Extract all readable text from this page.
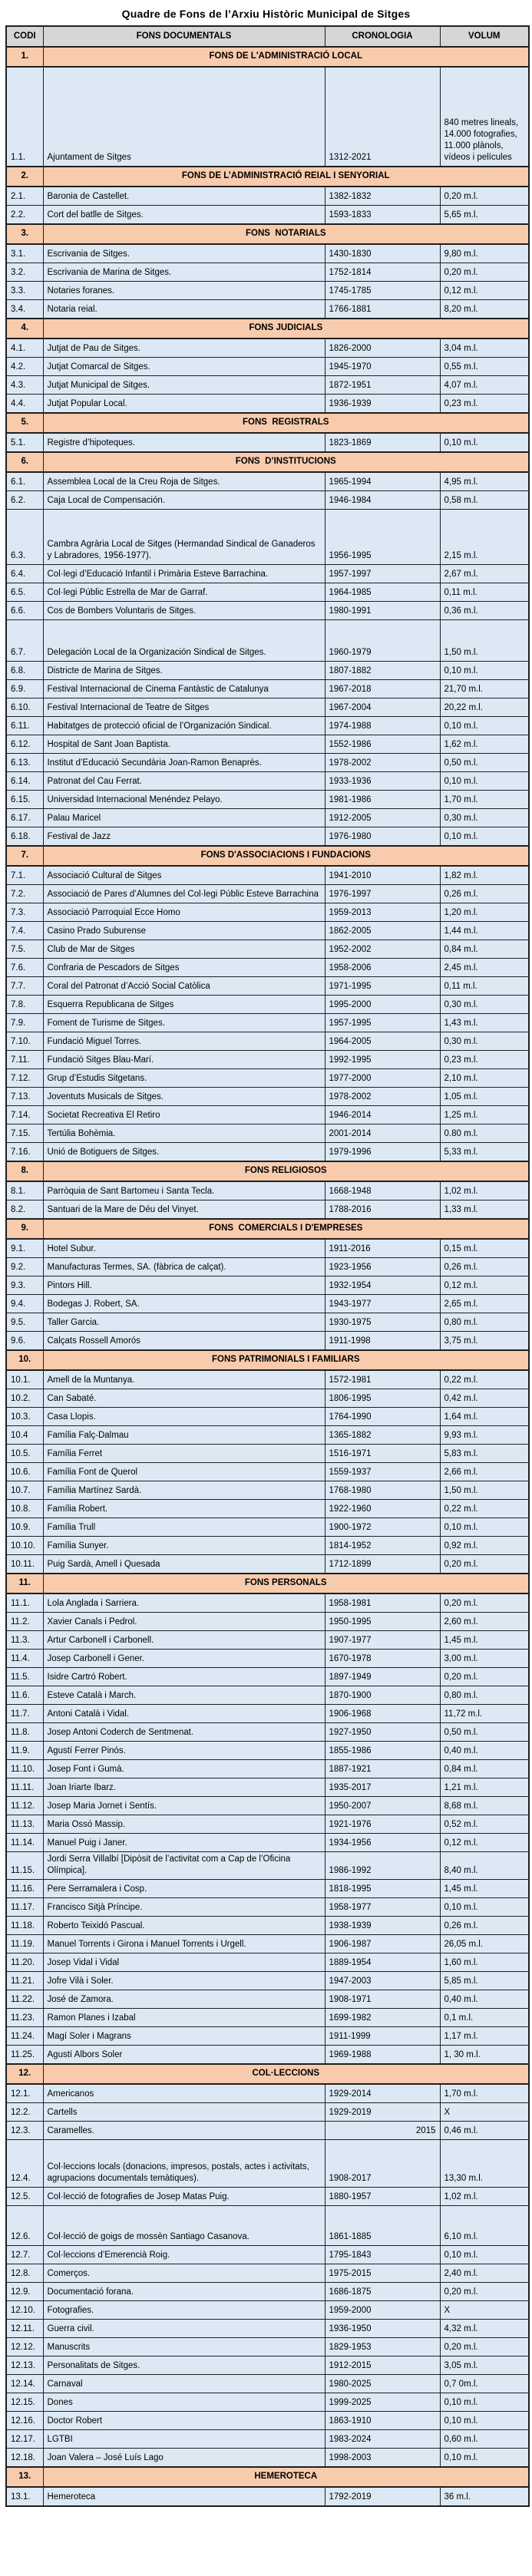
Quadre de Fons de l’Arxiu Històric Municipal de Sitges
CODI	FONS DOCUMENTALS	CRONOLOGIA	VOLUM
1.	FONS DE L'ADMINISTRACIÓ LOCAL		
1.1.	Ajuntament de Sitges	1312-2021	840 metres lineals, 14.000 fotografies, 11.000 plànols, vídeos i películes
2.	FONS DE L’ADMINISTRACIÓ REIAL I SENYORIAL		
2.1.	Baronia de Castellet.	1382-1832	0,20 m.l.
2.2.	Cort del batlle de Sitges.	1593-1833	5,65 m.l.
3.	FONS  NOTARIALS		
3.1.	Escrivania de Sitges.	1430-1830	9,80 m.l.
3.2.	Escrivania de Marina de Sitges.	1752-1814	0,20 m.l.
3.3.	Notaries foranes.	1745-1785	0,12 m.l.
3.4.	Notaria reial.	1766-1881	8,20 m.l.
4.	FONS JUDICIALS		
4.1.	Jutjat de Pau de Sitges.	1826-2000	3,04 m.l.
4.2.	Jutjat Comarcal de Sitges.	1945-1970	0,55 m.l.
4.3.	Jutjat Municipal de Sitges.	1872-1951	4,07 m.l.
4.4.	Jutjat Popular Local.	1936-1939	0,23 m.l.
5.	FONS  REGISTRALS		
5.1.	Registre d’hipoteques.	1823-1869	0,10 m.l.
6.	FONS  D’INSTITUCIONS		
6.1.	Assemblea Local de la Creu Roja de Sitges.	1965-1994	4,95 m.l.
6.2.	Caja Local de Compensación.	1946-1984	0,58 m.l.
6.3.	Cambra Agrària Local de Sitges (Hermandad Sindical de Ganaderos y Labradores, 1956-1977).	1956-1995	2,15 m.l.
6.4.	Col·legi d’Educació Infantil i Primària Esteve Barrachina.	1957-1997	2,67 m.l.
6.5.	Col·legi Públic Estrella de Mar de Garraf.	1964-1985	0,11 m.l.
6.6.	Cos de Bombers Voluntaris de Sitges.	1980-1991	0,36 m.l.
6.7.	Delegación Local de la Organización Sindical de Sitges.	1960-1979	1,50 m.l.
6.8.	Districte de Marina de Sitges.	1807-1882	0,10 m.l.
6.9.	Festival Internacional de Cinema Fantàstic de Catalunya	1967-2018	21,70 m.l.
6.10.	Festival Internacional de Teatre de Sitges	1967-2004	20,22 m.l.
6.11.	Habitatges de protecció oficial de l’Organización Sindical.	1974-1988	0,10 m.l.
6.12.	Hospital de Sant Joan Baptista.	1552-1986	1,62 m.l.
6.13.	Institut d’Educació Secundària Joan-Ramon Benaprès.	1978-2002	0,50 m.l.
6.14.	Patronat del Cau Ferrat.	1933-1936	0,10 m.l.
6.15.	Universidad Internacional Menéndez Pelayo.	1981-1986	1,70 m.l.
6.17.	Palau Maricel	1912-2005	0,30 m.l.
6.18.	Festival de Jazz	1976-1980	0,10 m.l.
7.	FONS D'ASSOCIACIONS I FUNDACIONS		
7.1.	Associació Cultural de Sitges	1941-2010	1,82 m.l.
7.2.	Associació de Pares d’Alumnes del Col·legi Públic Esteve Barrachina	1976-1997	0,26 m.l.
7.3.	Associació Parroquial Ecce Homo	1959-2013	1,20 m.l.
7.4.	Casino Prado Suburense	1862-2005	1,44 m.l.
7.5.	Club de Mar de Sitges	1952-2002	0,84 m.l.
7.6.	Confraria de Pescadors de Sitges	1958-2006	2,45 m.l.
7.7.	Coral del Patronat d’Acció Social Catòlica	1971-1995	0,11 m.l.
7.8.	Esquerra Republicana de Sitges	1995-2000	0,30 m.l.
7.9.	Foment de Turisme de Sitges.	1957-1995	1,43 m.l.
7.10.	Fundació Miguel Torres.	1964-2005	0,30 m.l.
7.11.	Fundació Sitges Blau-Marí.	1992-1995	0,23 m.l.
7.12.	Grup d’Estudis Sitgetans.	1977-2000	2,10 m.l.
7.13.	Joventuts Musicals de Sitges.	1978-2002	1,05 m.l.
7.14.	Societat Recreativa El Retiro	1946-2014	1,25 m.l.
7.15.	Tertúlia Bohèmia.	2001-2014	0.80 m.l.
7.16.	Unió de Botiguers de Sitges.	1979-1996	5,33 m.l.
8.	FONS RELIGIOSOS		
8.1.	Parròquia de Sant Bartomeu i Santa Tecla.	1668-1948	1,02 m.l.
8.2.	Santuari de la Mare de Déu del Vinyet.	1788-2016	1,33 m.l.
9.	FONS  COMERCIALS I D'EMPRESES		
9.1.	Hotel Subur.	1911-2016	0,15 m.l.
9.2.	Manufacturas Termes, SA. (fàbrica de calçat).	1923-1956	0,26 m.l.
9.3.	Pintors Hill.	1932-1954	0,12 m.l.
9.4.	Bodegas J. Robert, SA.	1943-1977	2,65 m.l.
9.5.	Taller Garcia.	1930-1975	0,80 m.l.
9.6.	Calçats Rossell Amorós	1911-1998	3,75 m.l.
10.	FONS PATRIMONIALS I FAMILIARS		
10.1.	Amell de la Muntanya.	1572-1981	0,22 m.l.
10.2.	Can Sabaté.	1806-1995	0,42 m.l.
10.3.	Casa Llopis.	1764-1990	1,64 m.l.
10.4	Família Falç-Dalmau	1365-1882	9,93 m.l.
10.5.	Família Ferret	1516-1971	5,83 m.l.
10.6.	Família Font de Querol	1559-1937	2,66 m.l.
10.7.	Família Martínez Sardà.	1768-1980	1,50 m.l.
10.8.	Família Robert.	1922-1960	0,22 m.l.
10.9.	Família Trull	1900-1972	0,10 m.l.
10.10.	Família Sunyer.	1814-1952	0,92 m.l.
10.11.	Puig Sardà, Amell i Quesada	1712-1899	0,20 m.l.
11.	FONS PERSONALS		
11.1.	Lola Anglada i Sarriera.	1958-1981	0,20 m.l.
11.2.	Xavier Canals i Pedrol.	1950-1995	2,60 m.l.
11.3.	Artur Carbonell i Carbonell.	1907-1977	1,45 m.l.
11.4.	Josep Carbonell i Gener.	1670-1978	3,00 m.l.
11.5.	Isidre Cartró Robert.	1897-1949	0,20 m.l.
11.6.	Esteve Català i March.	1870-1900	0,80 m.l.
11.7.	Antoni Català i Vidal.	1906-1968	11,72 m.l.
11.8.	Josep Antoni Coderch de Sentmenat.	1927-1950	0,50 m.l.
11.9.	Agustí Ferrer Pinós.	1855-1986	0,40 m.l.
11.10.	Josep Font i Gumà.	1887-1921	0,84 m.l.
11.11.	Joan Iriarte Ibarz.	1935-2017	1,21 m.l.
11.12.	Josep Maria Jornet i Sentís.	1950-2007	8,68 m.l.
11.13.	Maria Ossó Massip.	1921-1976	0,52 m.l.
11.14.	Manuel Puig i Janer.	1934-1956	0,12 m.l.
11.15.	Jordi Serra Villalbí [Dipòsit de l’activitat com a Cap de l’Oficina Olímpica].	1986-1992	8,40 m.l.
11.16.	Pere Serramalera i Cosp.	1818-1995	1,45 m.l.
11.17.	Francisco Sitjà Príncipe.	1958-1977	0,10 m.l.
11.18.	Roberto Teixidó Pascual.	1938-1939	0,26 m.l.
11.19.	Manuel Torrents i Girona i Manuel Torrents i Urgell.	1906-1987	26,05 m.l.
11.20.	Josep Vidal i Vidal	1889-1954	1,60 m.l.
11.21.	Jofre Vilà i Soler.	1947-2003	5,85 m.l.
11.22.	José de Zamora.	1908-1971	0,40 m.l.
11.23.	Ramon Planes i Izabal	1699-1982	0,1 m.l.
11.24.	Magí Soler i Magrans	1911-1999	1,17 m.l.
11.25.	Agustí Albors Soler	1969-1988	1, 30 m.l.
12.	COL·LECCIONS		
12.1.	Americanos	1929-2014	1,70 m.l.
12.2.	Cartells	1929-2019	X
12.3.	Caramelles.	2015	0,46 m.l.
12.4.	Col·leccions locals (donacions, impresos, postals, actes i activitats, agrupacions documentals temàtiques).	1908-2017	13,30 m.l.
12.5.	Col·lecció de fotografies de Josep Matas Puig.	1880-1957	1,02 m.l.
12.6.	Col·lecció de goigs de mossèn Santiago Casanova.	1861-1885	6,10 m.l.
12.7.	Col·leccions d’Emerencià Roig.	1795-1843	0,10 m.l.
12.8.	Comerços.	1975-2015	2,40 m.l.
12.9.	Documentació forana.	1686-1875	0,20 m.l.
12.10.	Fotografies.	1959-2000	X
12.11.	Guerra civil.	1936-1950	4,32 m.l.
12.12.	Manuscrits	1829-1953	0,20 m.l.
12.13.	Personalitats de Sitges.	1912-2015	3,05 m.l.
12.14.	Carnaval	1980-2025	0,7 0m.l.
12.15.	Dones	1999-2025	0,10 m.l.
12.16.	Doctor Robert	1863-1910	0,10 m.l.
12.17.	LGTBI	1983-2024	0,60 m.l.
12.18.	Joan Valera – José Luís Lago	1998-2003	0,10 m.l.
13.	HEMEROTECA		
13.1.	Hemeroteca	1792-2019	36 m.l.
